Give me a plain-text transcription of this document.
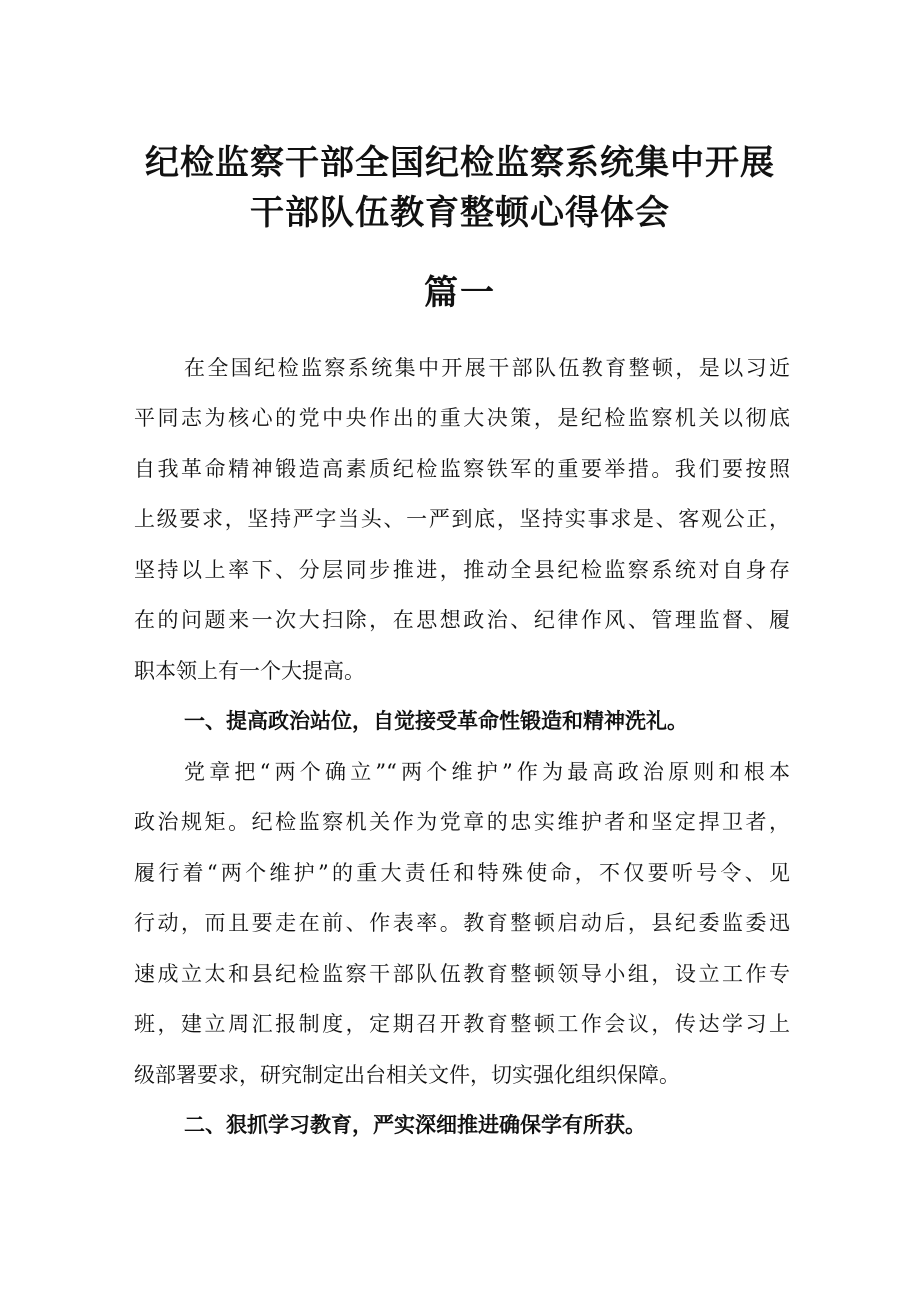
纪检监察干部全国纪检监察系统集中开展
干部队伍教育整顿心得体会
篇一
在全国纪检监察系统集中开展干部队伍教育整顿，是以习近
平同志为核心的党中央作出的重大决策，是纪检监察机关以彻底
自我革命精神锻造高素质纪检监察铁军的重要举措。我们要按照
上级要求，坚持严字当头、一严到底，坚持实事求是、客观公正，
坚持以上率下、分层同步推进，推动全县纪检监察系统对自身存
在的问题来一次大扫除，在思想政治、纪律作风、管理监督、履
职本领上有一个大提高。
一、提高政治站位，自觉接受革命性锻造和精神洗礼。
党章把“两个确立”“两个维护”作为最高政治原则和根本
政治规矩。纪检监察机关作为党章的忠实维护者和坚定捍卫者，
履行着“两个维护”的重大责任和特殊使命，不仅要听号令、见
行动，而且要走在前、作表率。教育整顿启动后，县纪委监委迅
速成立太和县纪检监察干部队伍教育整顿领导小组，设立工作专
班，建立周汇报制度，定期召开教育整顿工作会议，传达学习上
级部署要求，研究制定出台相关文件，切实强化组织保障。
二、狠抓学习教育，严实深细推进确保学有所获。
